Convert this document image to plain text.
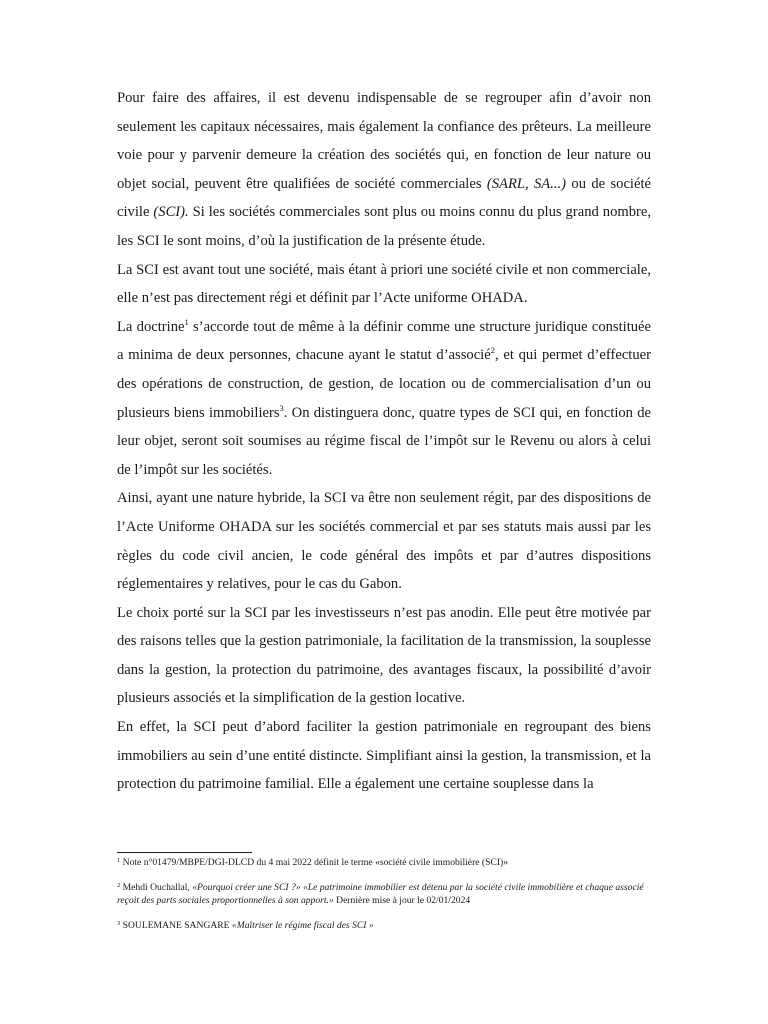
Pour faire des affaires, il est devenu indispensable de se regrouper afin d’avoir non seulement les capitaux nécessaires, mais également la confiance des prêteurs. La meilleure voie pour y parvenir demeure la création des sociétés qui, en fonction de leur nature ou objet social, peuvent être qualifiées de société commerciales (SARL, SA...) ou de société civile (SCI). Si les sociétés commerciales sont plus ou moins connu du plus grand nombre, les SCI le sont moins, d’où la justification de la présente étude.

La SCI est avant tout une société, mais étant à priori une société civile et non commerciale, elle n’est pas directement régi et définit par l’Acte uniforme OHADA.

La doctrine$^1$ s’accorde tout de même à la définir comme une structure juridique constituée a minima de deux personnes, chacune ayant le statut d’associé$^2$, et qui permet d’effectuer des opérations de construction, de gestion, de location ou de commercialisation d’un ou plusieurs biens immobiliers$^3$. On distinguera donc, quatre types de SCI qui, en fonction de leur objet, seront soit soumises au régime fiscal de l’impôt sur le Revenu ou alors à celui de l’impôt sur les sociétés.

Ainsi, ayant une nature hybride, la SCI va être non seulement régit, par des dispositions de l’Acte Uniforme OHADA sur les sociétés commercial et par ses statuts mais aussi par les règles du code civil ancien, le code général des impôts et par d’autres dispositions réglementaires y relatives, pour le cas du Gabon.

Le choix porté sur la SCI par les investisseurs n’est pas anodin. Elle peut être motivée par des raisons telles que la gestion patrimoniale, la facilitation de la transmission, la souplesse dans la gestion, la protection du patrimoine, des avantages fiscaux, la possibilité d’avoir plusieurs associés et la simplification de la gestion locative.

En effet, la SCI peut d’abord faciliter la gestion patrimoniale en regroupant des biens immobiliers au sein d’une entité distincte. Simplifiant ainsi la gestion, la transmission, et la protection du patrimoine familial. Elle a également une certaine souplesse dans la

$^1$ Note n°01479/MBPE/DGI-DLCD du 4 mai 2022 définit le terme «société civile immobilière (SCI)»

$^2$ Mehdi Ouchallal, «Pourquoi créer une SCI ?» «Le patrimoine immobilier est détenu par la société civile immobilière et chaque associé reçoit des parts sociales proportionnelles à son apport.» Dernière mise à jour le 02/01/2024

$^3$ SOULEMANE SANGARE «Maîtriser le régime fiscal des SCI »
